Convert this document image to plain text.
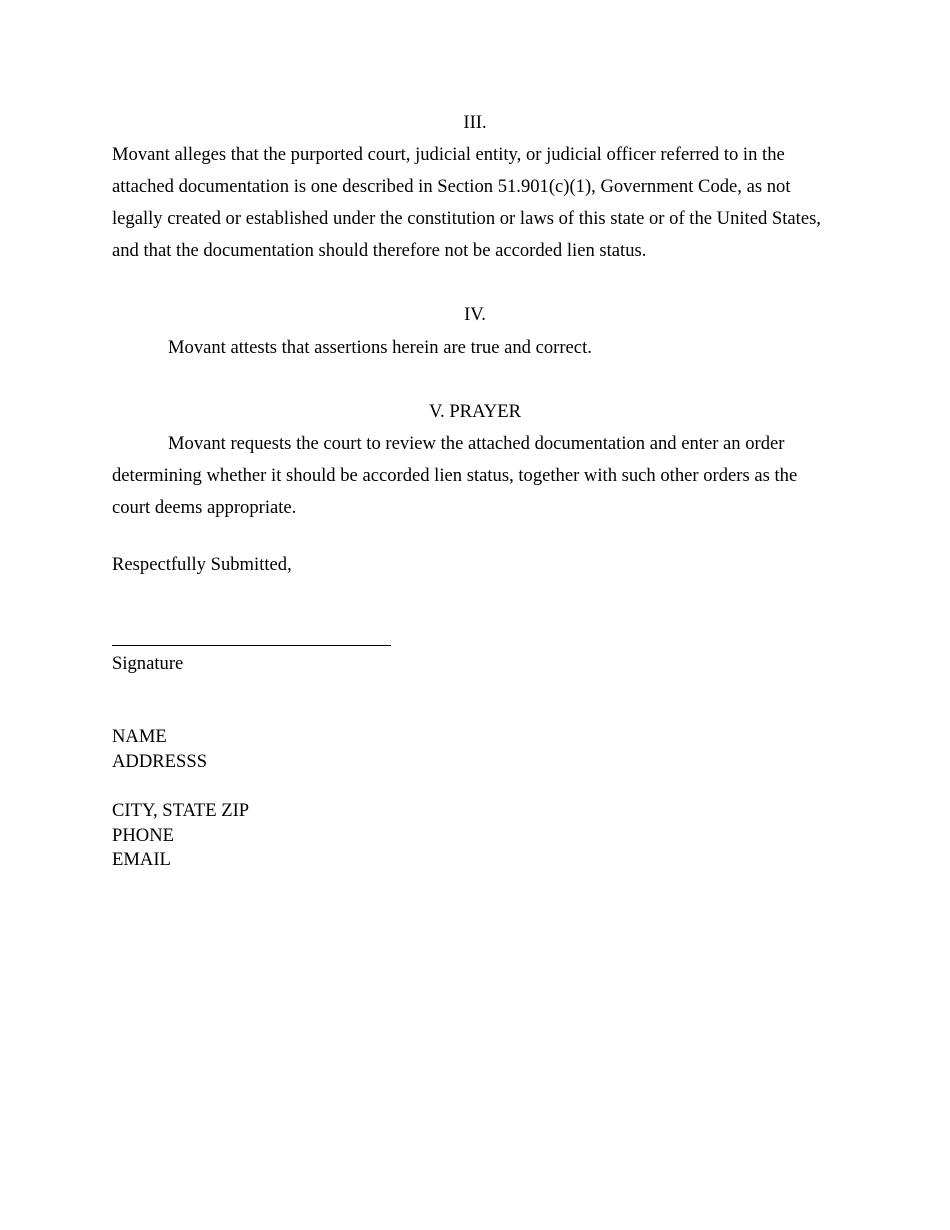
III.
Movant alleges that the purported court, judicial entity, or judicial officer referred to in the
attached documentation is one described in Section 51.901(c)(1), Government Code, as not
legally created or established under the constitution or laws of this state or of the United States,
and that the documentation should therefore not be accorded lien status.
IV.
Movant attests that assertions herein are true and correct.
V. PRAYER
Movant requests the court to review the attached documentation and enter an order
determining whether it should be accorded lien status, together with such other orders as the
court deems appropriate.
Respectfully Submitted,
Signature
NAME
ADDRESSS
CITY, STATE ZIP
PHONE
EMAIL
